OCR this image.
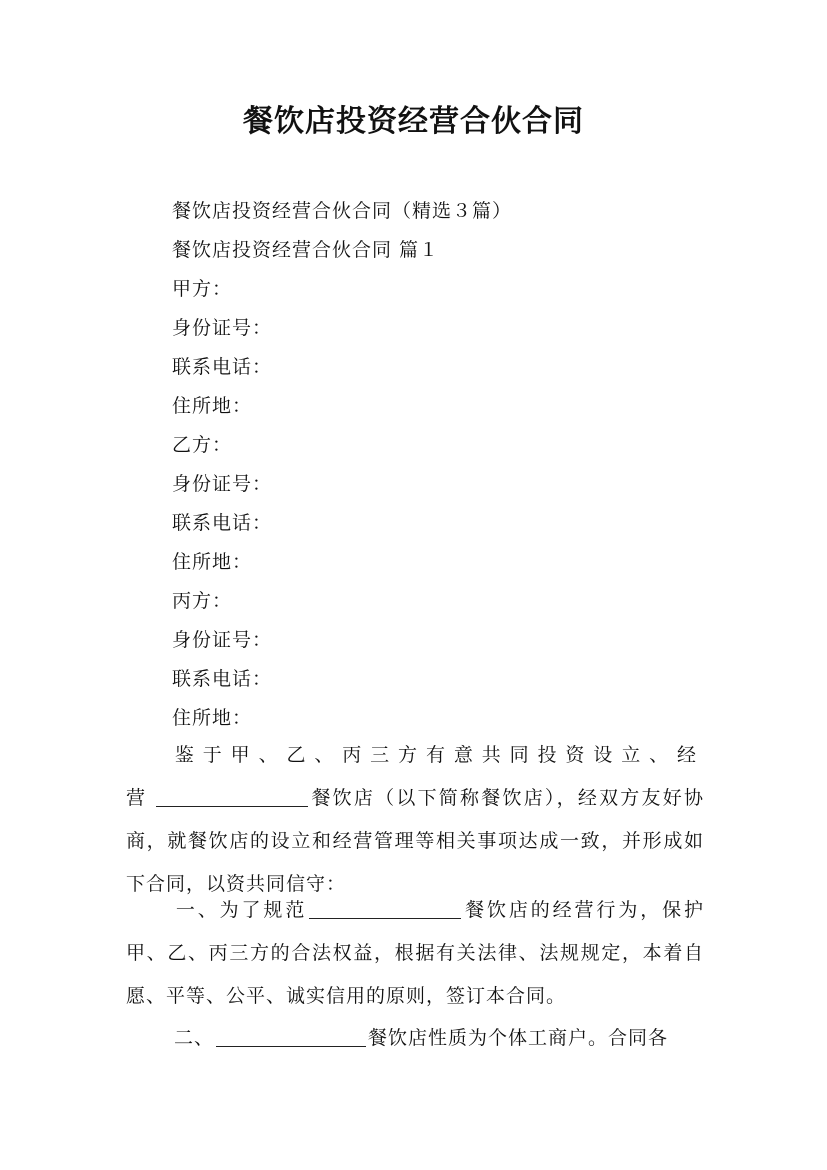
餐饮店投资经营合伙合同
餐饮店投资经营合伙合同（精选３篇）
餐饮店投资经营合伙合同 篇１
甲方：
身份证号：
联系电话：
住所地：
乙方：
身份证号：
联系电话：
住所地：
丙方：
身份证号：
联系电话：
住所地：
鉴于甲、乙、丙三方有意共同投资设立、经营	餐饮店（以下简称餐饮店），经双方友好协商，就餐饮店的设立和经营管理等相关事项达成一致，并形成如下合同，以资共同信守：
一、为了规范	餐饮店的经营行为，保护甲、乙、丙三方的合法权益，根据有关法律、法规规定，本着自愿、平等、公平、诚实信用的原则，签订本合同。
二、	餐饮店性质为个体工商户。合同各
